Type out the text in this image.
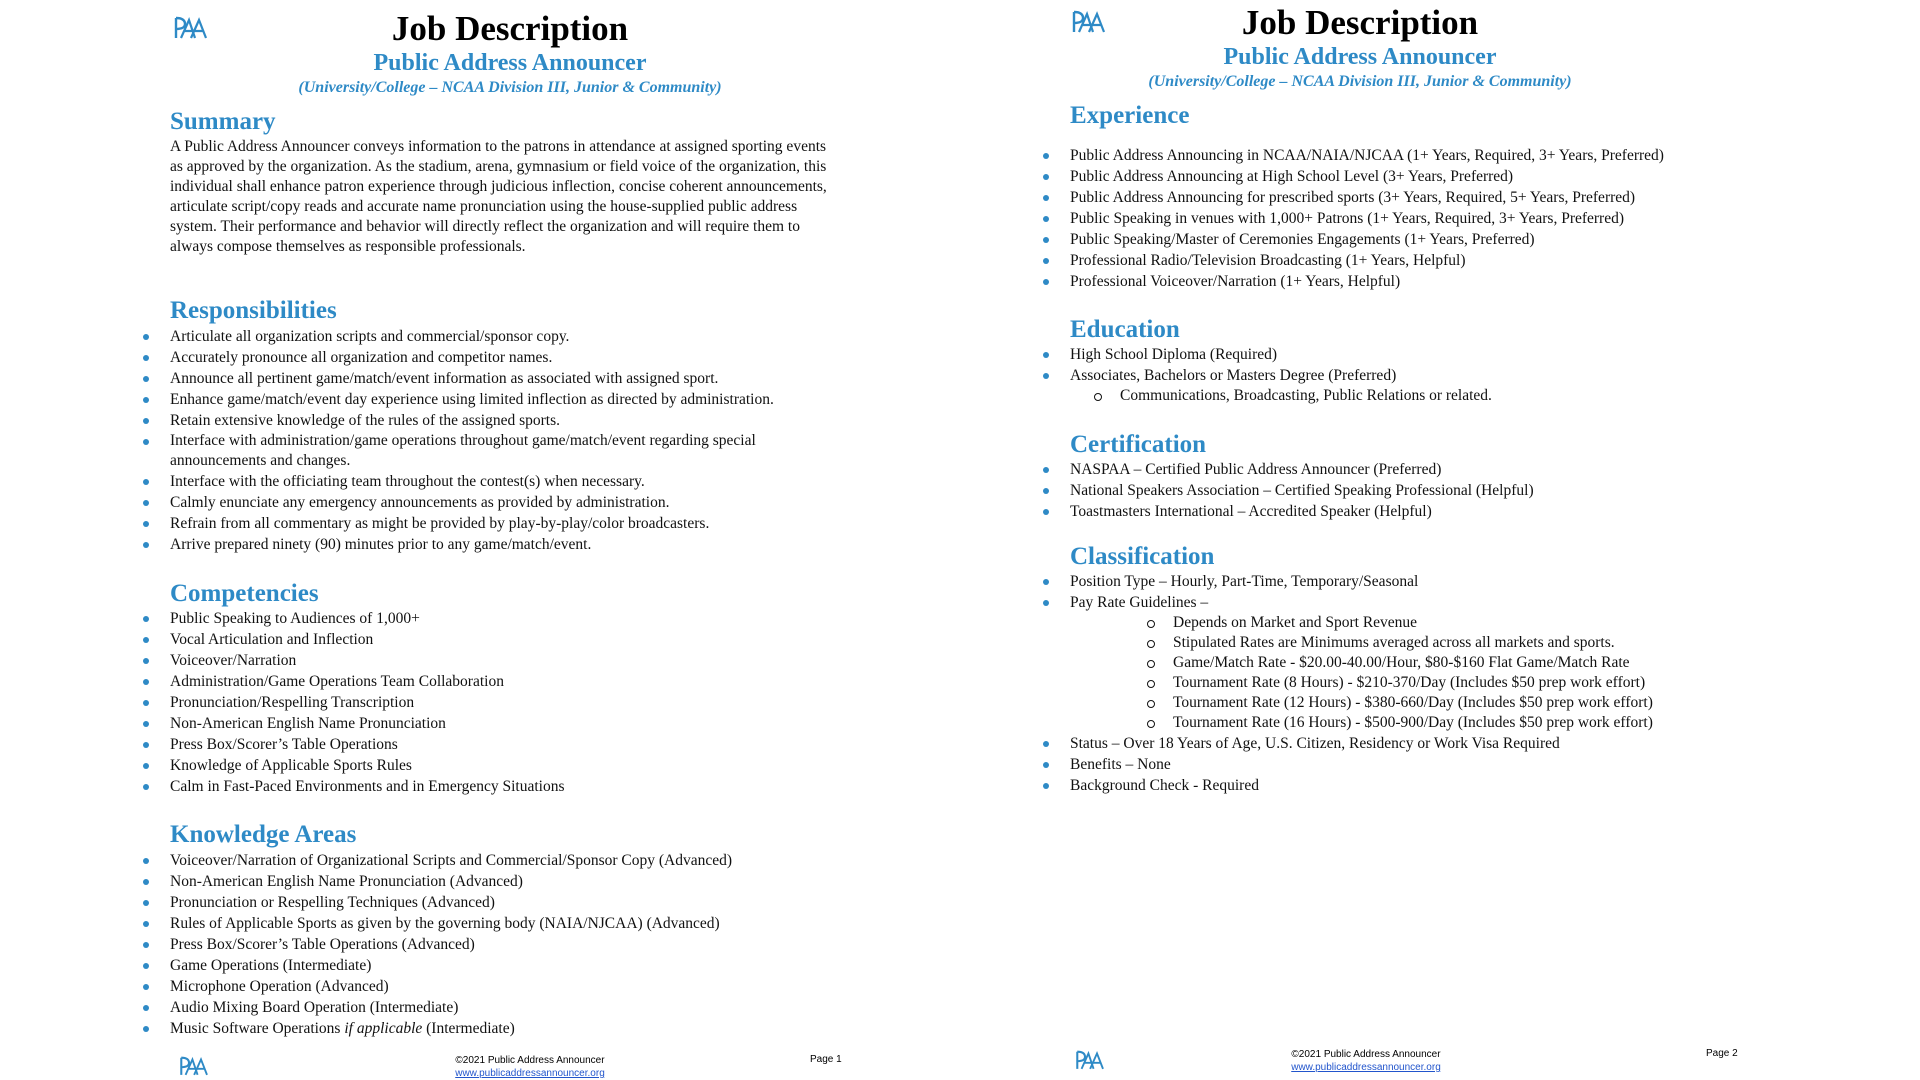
Job Description
Public Address Announcer
(University/College – NCAA Division III, Junior & Community)
Summary

A Public Address Announcer conveys information to the patrons in attendance at assigned sporting events as approved by the organization. As the stadium, arena, gymnasium or field voice of the organization, this individual shall enhance patron experience through judicious inflection, concise coherent announcements, articulate script/copy reads and accurate name pronunciation using the house-supplied public address system. Their performance and behavior will directly reflect the organization and will require them to always compose themselves as responsible professionals.

Responsibilities
Articulate all organization scripts and commercial/sponsor copy.
Accurately pronounce all organization and competitor names.
Announce all pertinent game/match/event information as associated with assigned sport.
Enhance game/match/event day experience using limited inflection as directed by administration.
Retain extensive knowledge of the rules of the assigned sports.
Interface with administration/game operations throughout game/match/event regarding special announcements and changes.
Interface with the officiating team throughout the contest(s) when necessary.
Calmly enunciate any emergency announcements as provided by administration.
Refrain from all commentary as might be provided by play-by-play/color broadcasters.
Arrive prepared ninety (90) minutes prior to any game/match/event.
Competencies
Public Speaking to Audiences of 1,000+
Vocal Articulation and Inflection
Voiceover/Narration
Administration/Game Operations Team Collaboration
Pronunciation/Respelling Transcription
Non-American English Name Pronunciation
Press Box/Scorer’s Table Operations
Knowledge of Applicable Sports Rules
Calm in Fast-Paced Environments and in Emergency Situations
Knowledge Areas
Voiceover/Narration of Organizational Scripts and Commercial/Sponsor Copy (Advanced)
Non-American English Name Pronunciation (Advanced)
Pronunciation or Respelling Techniques (Advanced)
Rules of Applicable Sports as given by the governing body (NAIA/NJCAA) (Advanced)
Press Box/Scorer’s Table Operations (Advanced)
Game Operations (Intermediate)
Microphone Operation (Advanced)
Audio Mixing Board Operation (Intermediate)
Music Software Operations if applicable (Intermediate)
©2021 Public Address Announcer
www.publicaddressannouncer.org
Page 1
Job Description
Public Address Announcer
(University/College – NCAA Division III, Junior & Community)
Experience
Public Address Announcing in NCAA/NAIA/NJCAA (1+ Years, Required, 3+ Years, Preferred)
Public Address Announcing at High School Level (3+ Years, Preferred)
Public Address Announcing for prescribed sports (3+ Years, Required, 5+ Years, Preferred)
Public Speaking in venues with 1,000+ Patrons (1+ Years, Required, 3+ Years, Preferred)
Public Speaking/Master of Ceremonies Engagements (1+ Years, Preferred)
Professional Radio/Television Broadcasting (1+ Years, Helpful)
Professional Voiceover/Narration (1+ Years, Helpful)
Education
High School Diploma (Required)
Associates, Bachelors or Masters Degree (Preferred)
Communications, Broadcasting, Public Relations or related.
Certification
NASPAA – Certified Public Address Announcer (Preferred)
National Speakers Association – Certified Speaking Professional (Helpful)
Toastmasters International – Accredited Speaker (Helpful)
Classification
Position Type – Hourly, Part-Time, Temporary/Seasonal
Pay Rate Guidelines –
Depends on Market and Sport Revenue
Stipulated Rates are Minimums averaged across all markets and sports.
Game/Match Rate - $20.00-40.00/Hour, $80-$160 Flat Game/Match Rate
Tournament Rate (8 Hours) - $210-370/Day (Includes $50 prep work effort)
Tournament Rate (12 Hours) - $380-660/Day (Includes $50 prep work effort)
Tournament Rate (16 Hours) - $500-900/Day (Includes $50 prep work effort)
Status – Over 18 Years of Age, U.S. Citizen, Residency or Work Visa Required
Benefits – None
Background Check - Required
©2021 Public Address Announcer
www.publicaddressannouncer.org
Page 2
